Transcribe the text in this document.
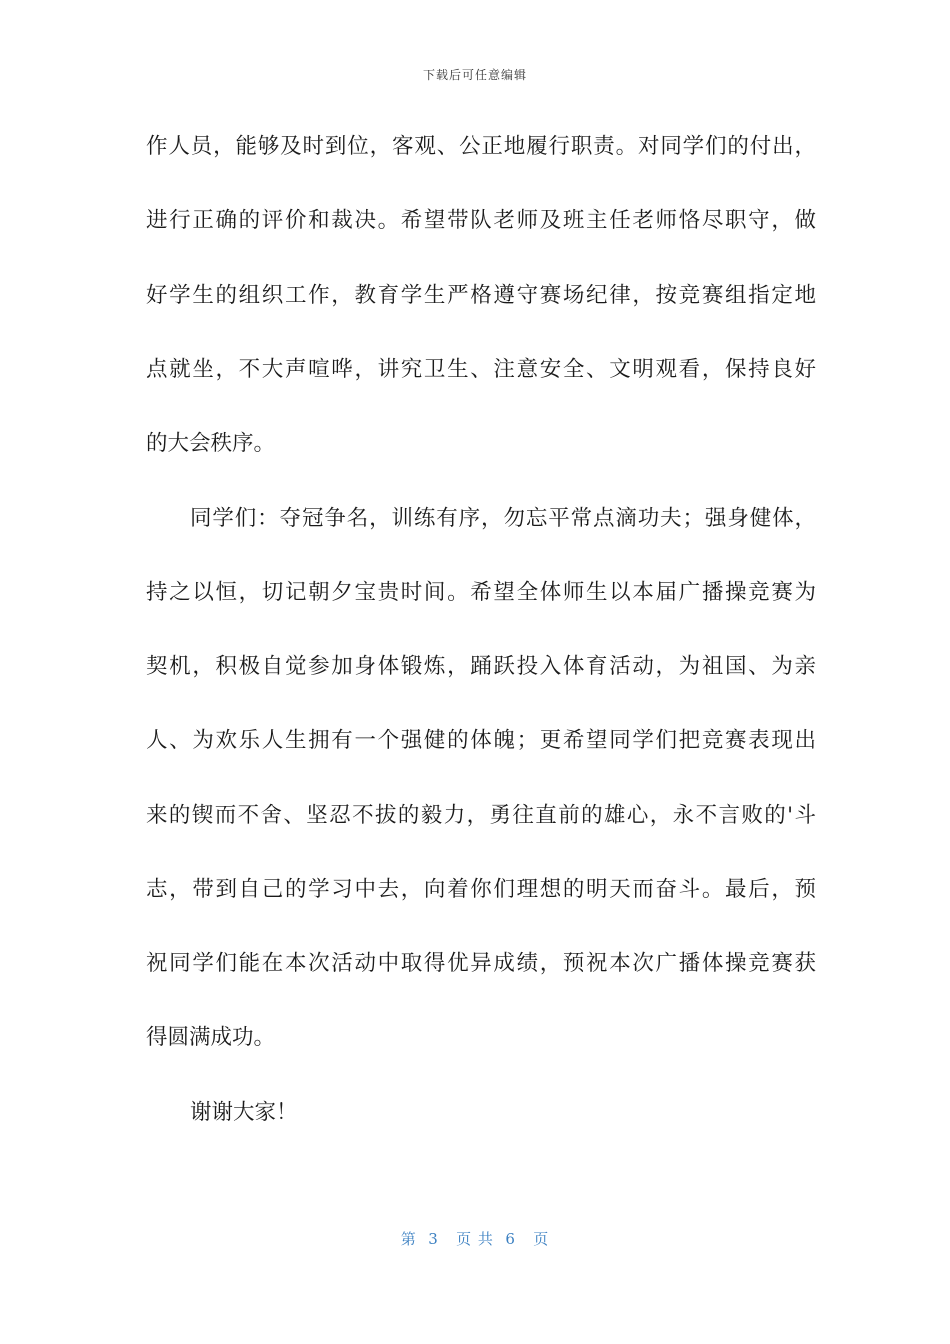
下载后可任意编辑
作人员，能够及时到位，客观、公正地履行职责。对同学们的付出，
进行正确的评价和裁决。希望带队老师及班主任老师恪尽职守，做
好学生的组织工作，教育学生严格遵守赛场纪律，按竞赛组指定地
点就坐，不大声喧哗，讲究卫生、注意安全、文明观看，保持良好
的大会秩序。
同学们：夺冠争名，训练有序，勿忘平常点滴功夫；强身健体，
持之以恒，切记朝夕宝贵时间。希望全体师生以本届广播操竞赛为
契机，积极自觉参加身体锻炼，踊跃投入体育活动，为祖国、为亲
人、为欢乐人生拥有一个强健的体魄；更希望同学们把竞赛表现出
来的锲而不舍、坚忍不拔的毅力，勇往直前的雄心，永不言败的'斗
志，带到自己的学习中去，向着你们理想的明天而奋斗。最后，预
祝同学们能在本次活动中取得优异成绩，预祝本次广播体操竞赛获
得圆满成功。
谢谢大家！
第  3   页 共  6   页
